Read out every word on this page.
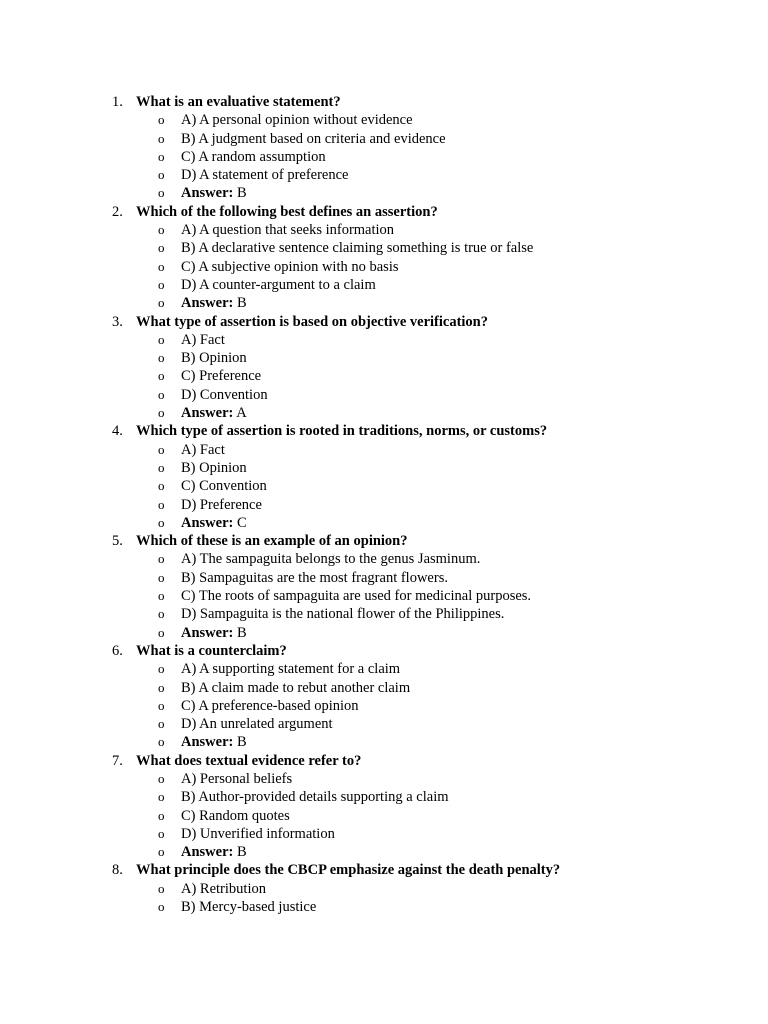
1. What is an evaluative statement?
o A) A personal opinion without evidence
o B) A judgment based on criteria and evidence
o C) A random assumption
o D) A statement of preference
o Answer: B
2. Which of the following best defines an assertion?
o A) A question that seeks information
o B) A declarative sentence claiming something is true or false
o C) A subjective opinion with no basis
o D) A counter-argument to a claim
o Answer: B
3. What type of assertion is based on objective verification?
o A) Fact
o B) Opinion
o C) Preference
o D) Convention
o Answer: A
4. Which type of assertion is rooted in traditions, norms, or customs?
o A) Fact
o B) Opinion
o C) Convention
o D) Preference
o Answer: C
5. Which of these is an example of an opinion?
o A) The sampaguita belongs to the genus Jasminum.
o B) Sampaguitas are the most fragrant flowers.
o C) The roots of sampaguita are used for medicinal purposes.
o D) Sampaguita is the national flower of the Philippines.
o Answer: B
6. What is a counterclaim?
o A) A supporting statement for a claim
o B) A claim made to rebut another claim
o C) A preference-based opinion
o D) An unrelated argument
o Answer: B
7. What does textual evidence refer to?
o A) Personal beliefs
o B) Author-provided details supporting a claim
o C) Random quotes
o D) Unverified information
o Answer: B
8. What principle does the CBCP emphasize against the death penalty?
o A) Retribution
o B) Mercy-based justice
